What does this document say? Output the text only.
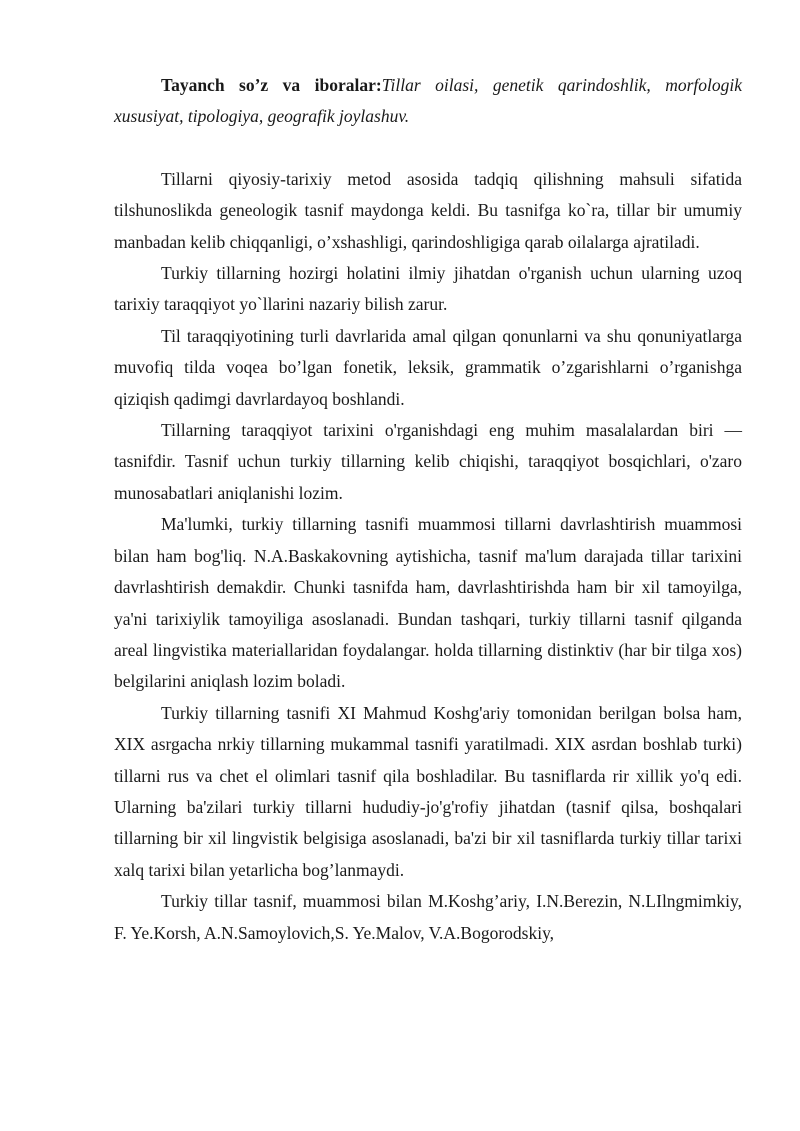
Tayanch so’z va iboralar:Tillar oilasi, genetik qarindoshlik, morfologik xususiyat, tipologiya, geografik joylashuv.

Tillarni qiyosiy-tarixiy metod asosida tadqiq qilishning mahsuli sifatida tilshunoslikda geneologik tasnif maydonga keldi. Bu tasnifga ko`ra, tillar bir umumiy manbadan kelib chiqqanligi, o’xshashligi, qarindoshligiga qarab oilalarga ajratiladi.

Turkiy tillarning hozirgi holatini ilmiy jihatdan o'rganish uchun ularning uzoq tarixiy taraqqiyot yo`llarini nazariy bilish zarur.

Til taraqqiyotining turli davrlarida amal qilgan qonunlarni va shu qonuniyatlarga muvofiq tilda voqea bo’lgan fonetik, leksik, grammatik o’zgarishlarni o’rganishga qiziqish qadimgi davrlardayoq boshlandi.

Tillarning taraqqiyot tarixini o'rganishdagi eng muhim masalalardan biri — tasnifdir. Tasnif uchun turkiy tillarning kelib chiqishi, taraqqiyot bosqichlari, o'zaro munosabatlari aniqlanishi lozim.

Ma'lumki, turkiy tillarning tasnifi muammosi tillarni davrlashtirish muammosi bilan ham bog'liq. N.A.Baskakovning aytishicha, tasnif ma'lum darajada tillar tarixini davrlashtirish demakdir. Chunki tasnifda ham, davrlashtirishda ham bir xil tamoyilga, ya'ni tarixiylik tamoyiliga asoslanadi. Bundan tashqari, turkiy tillarni tasnif qilganda areal lingvistika materiallaridan foydalangar. holda tillarning distinktiv (har bir tilga xos) belgilarini aniqlash lozim boladi.

Turkiy tillarning tasnifi XI Mahmud Koshg'ariy tomonidan berilgan bolsa ham, XIX asrgacha nrkiy tillarning mukammal tasnifi yaratilmadi. XIX asrdan boshlab turki) tillarni rus va chet el olimlari tasnif qila boshladilar. Bu tasniflarda rir xillik yo'q edi. Ularning ba'zilari turkiy tillarni hududiy-jo'g'rofiy jihatdan (tasnif qilsa, boshqalari tillarning bir xil lingvistik belgisiga asoslanadi, ba'zi bir xil tasniflarda turkiy tillar tarixi xalq tarixi bilan yetarlicha bog’lanmaydi.

Turkiy tillar tasnif, muammosi bilan M.Koshg’ariy, I.N.Berezin, N.LIlngmimkiy, F. Ye.Korsh, A.N.Samoylovich,S. Ye.Malov, V.A.Bogorodskiy,
